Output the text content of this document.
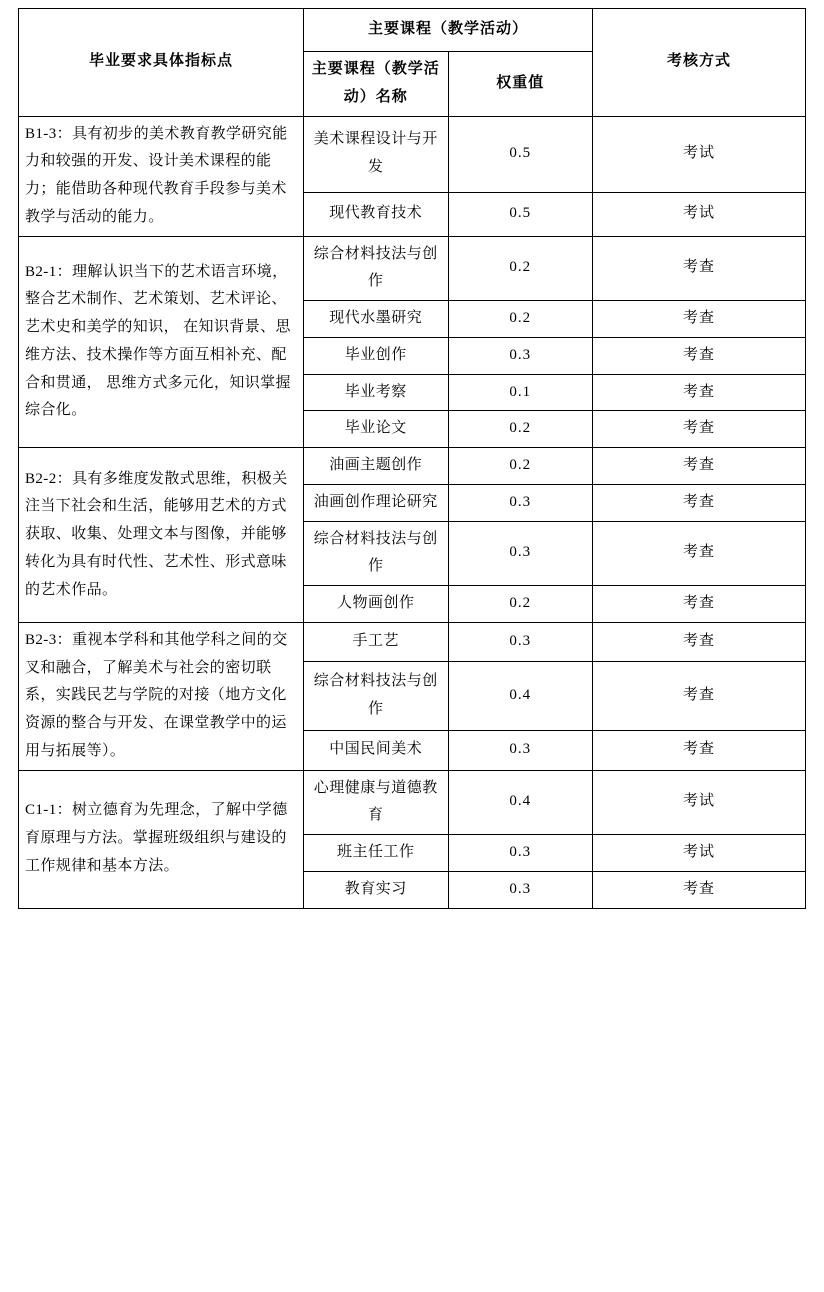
毕业要求具体指标点	主要课程（教学活动）		考核方式
	主要课程（教学活动）名称	权重值	
B1-3：具有初步的美术教育教学研究能力和较强的开发、设计美术课程的能力；能借助各种现代教育手段参与美术教学与活动的能力。	美术课程设计与开发	0.5	考试
	现代教育技术	0.5	考试
B2-1：理解认识当下的艺术语言环境，整合艺术制作、艺术策划、艺术评论、艺术史和美学的知识， 在知识背景、思维方法、技术操作等方面互相补充、配合和贯通， 思维方式多元化，知识掌握综合化。	综合材料技法与创作	0.2	考查
	现代水墨研究	0.2	考查
	毕业创作	0.3	考查
	毕业考察	0.1	考查
	毕业论文	0.2	考查
B2-2：具有多维度发散式思维，积极关注当下社会和生活，能够用艺术的方式获取、收集、处理文本与图像，并能够转化为具有时代性、艺术性、形式意味的艺术作品。	油画主题创作	0.2	考查
	油画创作理论研究	0.3	考查
	综合材料技法与创作	0.3	考查
	人物画创作	0.2	考查
B2-3：重视本学科和其他学科之间的交叉和融合，了解美术与社会的密切联系，实践民艺与学院的对接（地方文化资源的整合与开发、在课堂教学中的运用与拓展等）。	手工艺	0.3	考查
	综合材料技法与创作	0.4	考查
	中国民间美术	0.3	考查
C1-1：树立德育为先理念，了解中学德育原理与方法。掌握班级组织与建设的工作规律和基本方法。	心理健康与道德教育	0.4	考试
	班主任工作	0.3	考试
	教育实习	0.3	考查
